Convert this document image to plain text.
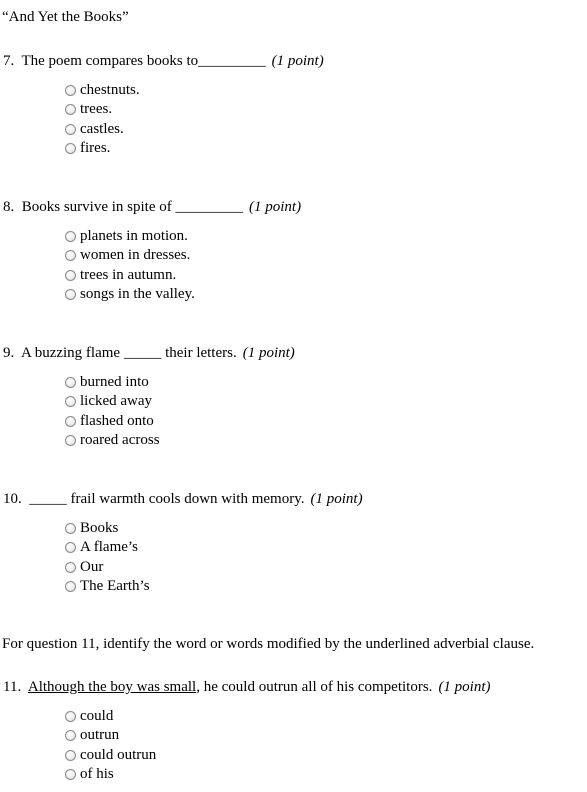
“And Yet the Books”
7. The poem compares books to_________ (1 point)
chestnuts.
trees.
castles.
fires.
8. Books survive in spite of _________ (1 point)
planets in motion.
women in dresses.
trees in autumn.
songs in the valley.
9. A buzzing flame _____ their letters. (1 point)
burned into
licked away
flashed onto
roared across
10. _____ frail warmth cools down with memory. (1 point)
Books
A flame’s
Our
The Earth’s
For question 11, identify the word or words modified by the underlined adverbial clause.
11. Although the boy was small, he could outrun all of his competitors. (1 point)
could
outrun
could outrun
of his
